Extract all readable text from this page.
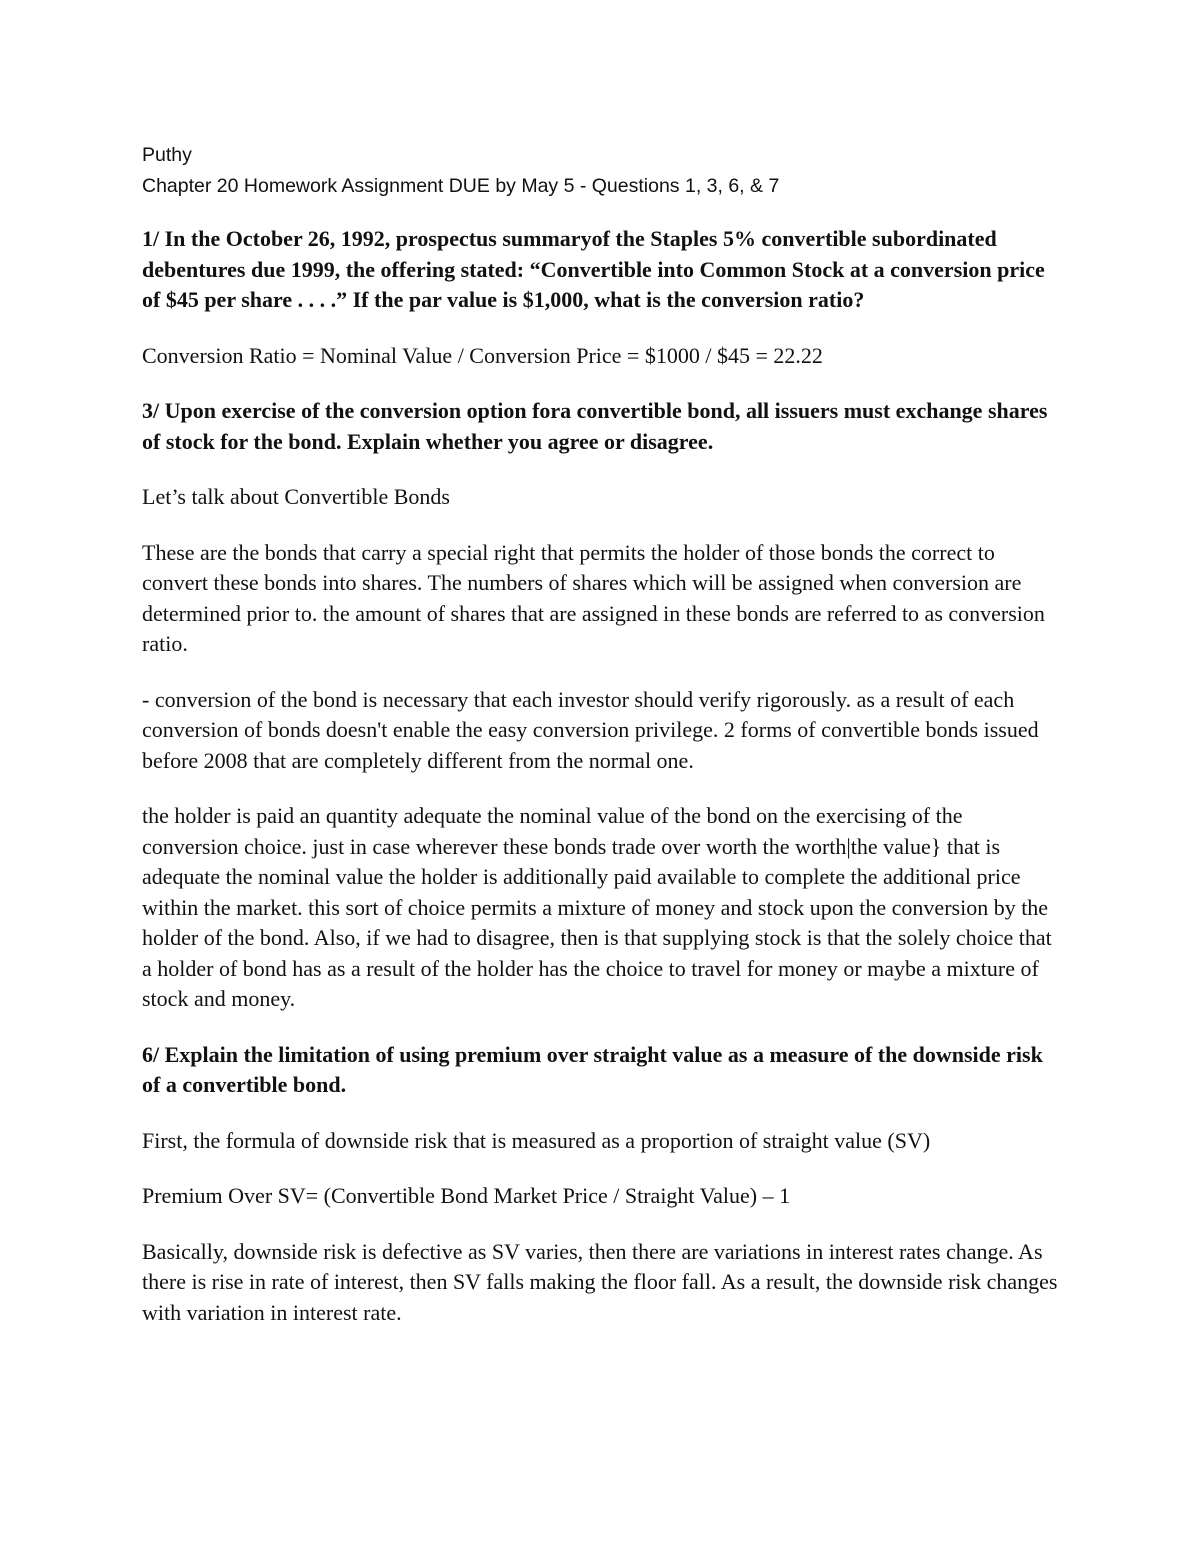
Puthy

Chapter 20 Homework Assignment DUE by May 5 - Questions 1, 3, 6, & 7

1/ In the October 26, 1992, prospectus summaryof the Staples 5% convertible subordinated debentures due 1999, the offering stated: “Convertible into Common Stock at a conversion price of $45 per share . . . .” If the par value is $1,000, what is the conversion ratio?

Conversion Ratio = Nominal Value / Conversion Price = $1000 / $45 = 22.22

3/ Upon exercise of the conversion option fora convertible bond, all issuers must exchange shares of stock for the bond. Explain whether you agree or disagree.

Let’s talk about Convertible Bonds

These are the bonds that carry a special right that permits the holder of those bonds the correct to convert these bonds into shares. The numbers of shares which will be assigned when conversion are determined prior to. the amount of shares that are assigned in these bonds are referred to as conversion ratio.

- conversion of the bond is necessary that each investor should verify rigorously. as a result of each conversion of bonds doesn't enable the easy conversion privilege. 2 forms of convertible bonds issued before 2008 that are completely different from the normal one.

the holder is paid an quantity adequate the nominal value of the bond on the exercising of the conversion choice. just in case wherever these bonds trade over worth the worth|the value} that is adequate the nominal value the holder is additionally paid available to complete the additional price within the market. this sort of choice permits a mixture of money and stock upon the conversion by the holder of the bond. Also, if we had to disagree, then is that supplying stock is that the solely choice that a holder of bond has as a result of the holder has the choice to travel for money or maybe a mixture of stock and money.

6/ Explain the limitation of using premium over straight value as a measure of the downside risk of a convertible bond.

First, the formula of downside risk that is measured as a proportion of straight value (SV)

Premium Over SV= (Convertible Bond Market Price / Straight Value) – 1

Basically, downside risk is defective as SV varies, then there are variations in interest rates change. As there is rise in rate of interest, then SV falls making the floor fall. As a result, the downside risk changes with variation in interest rate.
